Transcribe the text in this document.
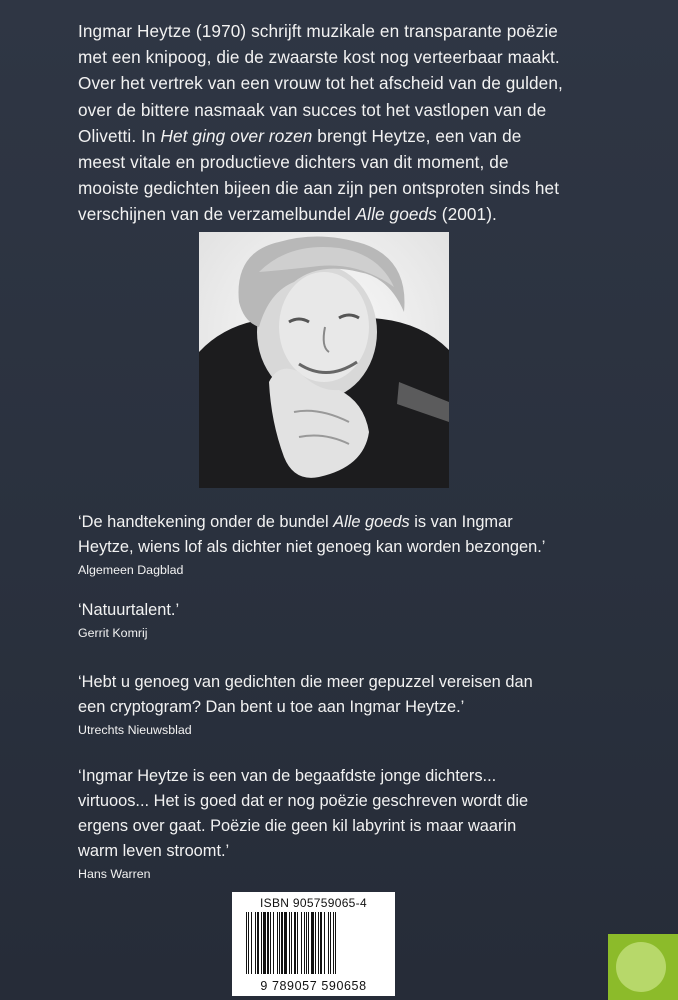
Ingmar Heytze (1970) schrijft muzikale en transparante poëzie
met een knipoog, die de zwaarste kost nog verteerbaar maakt.
Over het vertrek van een vrouw tot het afscheid van de gulden,
over de bittere nasmaak van succes tot het vastlopen van de
Olivetti. In Het ging over rozen brengt Heytze, een van de
meest vitale en productieve dichters van dit moment, de
mooiste gedichten bijeen die aan zijn pen ontsproten sinds het
verschijnen van de verzamelbundel Alle goeds (2001).

‘De handtekening onder de bundel Alle goeds is van Ingmar
Heytze, wiens lof als dichter niet genoeg kan worden bezongen.’

Algemeen Dagblad

‘Natuurtalent.’

Gerrit Komrij

‘Hebt u genoeg van gedichten die meer gepuzzel vereisen dan
een cryptogram? Dan bent u toe aan Ingmar Heytze.’

Utrechts Nieuwsblad

‘Ingmar Heytze is een van de begaafdste jonge dichters...
virtuoos... Het is goed dat er nog poëzie geschreven wordt die
ergens over gaat. Poëzie die geen kil labyrint is maar waarin
warm leven stroomt.’

Hans Warren

ISBN 905759065-4
9 789057 590658
